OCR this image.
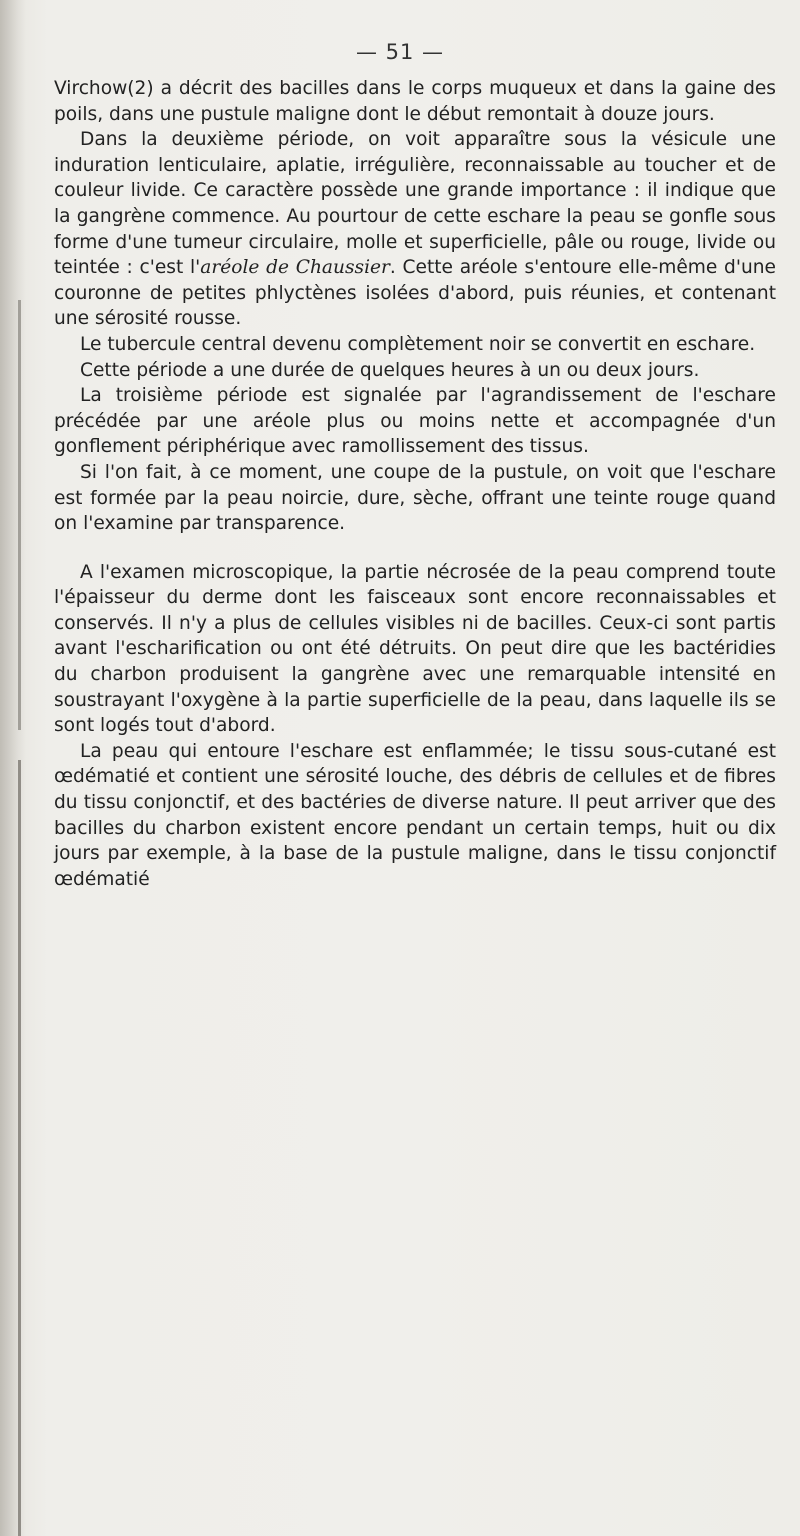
— 51 —

Virchow(2) a décrit des bacilles dans le corps muqueux et dans la gaine des poils, dans une pustule maligne dont le début remontait à douze jours.

Dans la deuxième période, on voit apparaître sous la vésicule une induration lenticulaire, aplatie, irrégulière, reconnaissable au toucher et de couleur livide. Ce caractère possède une grande importance : il indique que la gangrène commence. Au pourtour de cette eschare la peau se gonfle sous forme d'une tumeur circulaire, molle et superficielle, pâle ou rouge, livide ou teintée : c'est l'aréole de Chaussier. Cette aréole s'entoure elle-même d'une couronne de petites phlyctènes isolées d'abord, puis réunies, et contenant une sérosité rousse.

Le tubercule central devenu complètement noir se convertit en eschare.

Cette période a une durée de quelques heures à un ou deux jours.

La troisième période est signalée par l'agrandissement de l'eschare précédée par une aréole plus ou moins nette et accompagnée d'un gonflement périphérique avec ramollissement des tissus.

Si l'on fait, à ce moment, une coupe de la pustule, on voit que l'eschare est formée par la peau noircie, dure, sèche, offrant une teinte rouge quand on l'examine par transparence.

A l'examen microscopique, la partie nécrosée de la peau comprend toute l'épaisseur du derme dont les faisceaux sont encore reconnaissables et conservés. Il n'y a plus de cellules visibles ni de bacilles. Ceux-ci sont partis avant l'escharification ou ont été détruits. On peut dire que les bactéridies du charbon produisent la gangrène avec une remarquable intensité en soustrayant l'oxygène à la partie superficielle de la peau, dans laquelle ils se sont logés tout d'abord.

La peau qui entoure l'eschare est enflammée; le tissu sous-cutané est œdématié et contient une sérosité louche, des débris de cellules et de fibres du tissu conjonctif, et des bactéries de diverse nature. Il peut arriver que des bacilles du charbon existent encore pendant un certain temps, huit ou dix jours par exemple, à la base de la pustule maligne, dans le tissu conjonctif œdématié
